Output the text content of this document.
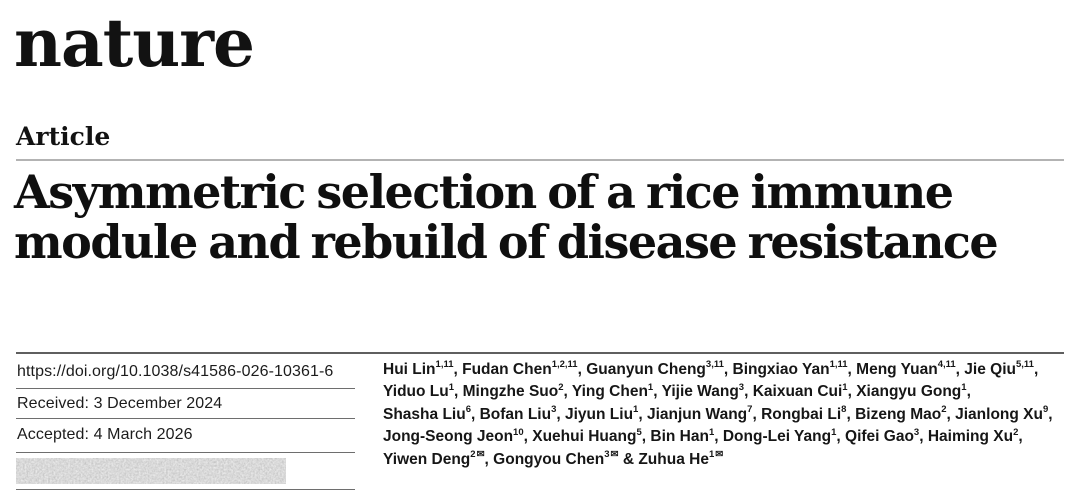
nature
Article
Asymmetric selection of a rice immune
module and rebuild of disease resistance
https://doi.org/10.1038/s41586-026-10361-6
Received: 3 December 2024
Accepted: 4 March 2026
Hui Lin$^{1,11}$, Fudan Chen$^{1,2,11}$, Guanyun Cheng$^{3,11}$, Bingxiao Yan$^{1,11}$, Meng Yuan$^{4,11}$, Jie Qiu$^{5,11}$,
Yiduo Lu$^1$, Mingzhe Suo$^2$, Ying Chen$^1$, Yijie Wang$^3$, Kaixuan Cui$^1$, Xiangyu Gong$^1$,
Shasha Liu$^6$, Bofan Liu$^3$, Jiyun Liu$^1$, Jianjun Wang$^7$, Rongbai Li$^8$, Bizeng Mao$^2$, Jianlong Xu$^9$,
Jong-Seong Jeon$^{10}$, Xuehui Huang$^5$, Bin Han$^1$, Dong-Lei Yang$^1$, Qifei Gao$^3$, Haiming Xu$^2$,
Yiwen Deng$^{2✉}$, Gongyou Chen$^{3✉}$ & Zuhua $He^{1✉}$
